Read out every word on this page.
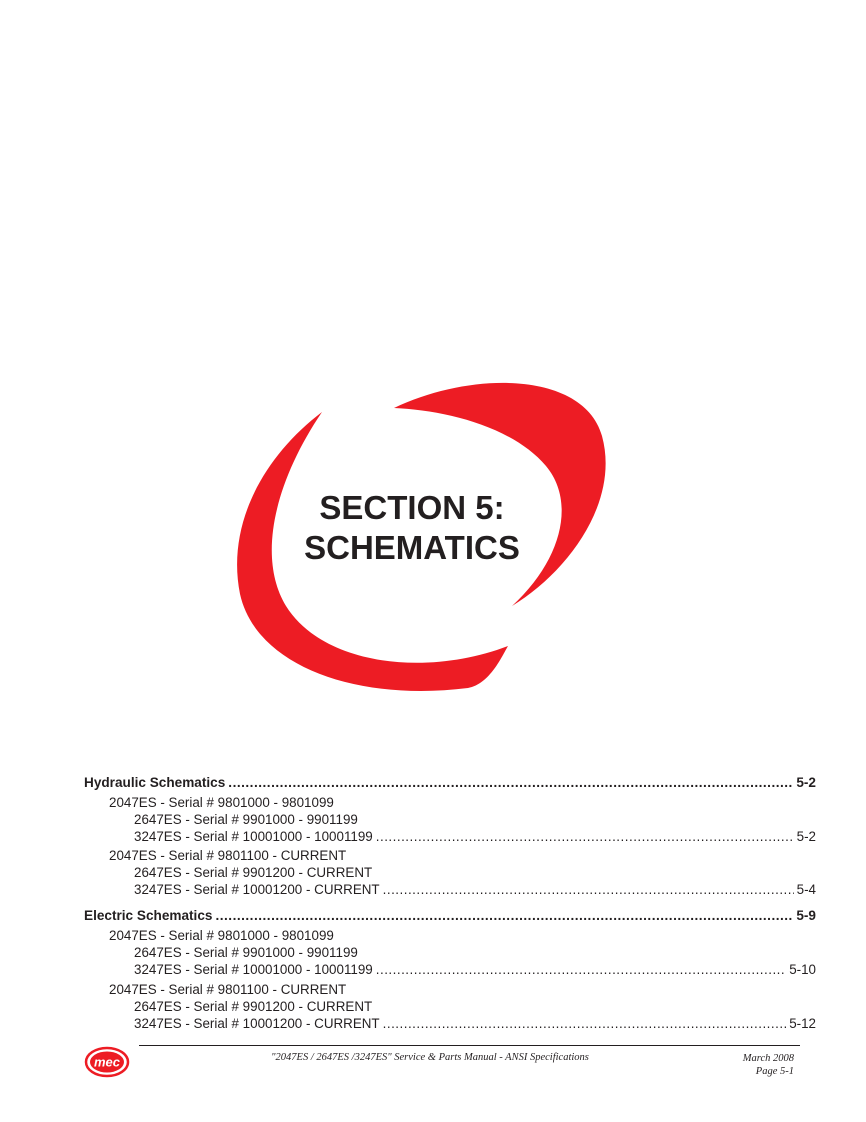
SECTION 5:
SCHEMATICS
Hydraulic Schematics .....	5-2
2047ES - Serial # 9801000 - 9801099
2647ES - Serial # 9901000 - 9901199
3247ES - Serial # 10001000 - 10001199 .....	5-2
2047ES - Serial # 9801100 - CURRENT
2647ES - Serial # 9901200 - CURRENT
3247ES - Serial # 10001200 - CURRENT .....	5-4
Electric Schematics .....	5-9
2047ES - Serial # 9801000 - 9801099
2647ES - Serial # 9901000 - 9901199
3247ES - Serial # 10001000 - 10001199 .....	5-10
2047ES - Serial # 9801100 - CURRENT
2647ES - Serial # 9901200 - CURRENT
3247ES - Serial # 10001200 - CURRENT .....	5-12
mec	"2047ES / 2647ES /3247ES" Service & Parts Manual - ANSI Specifications	March 2008
Page 5-1
